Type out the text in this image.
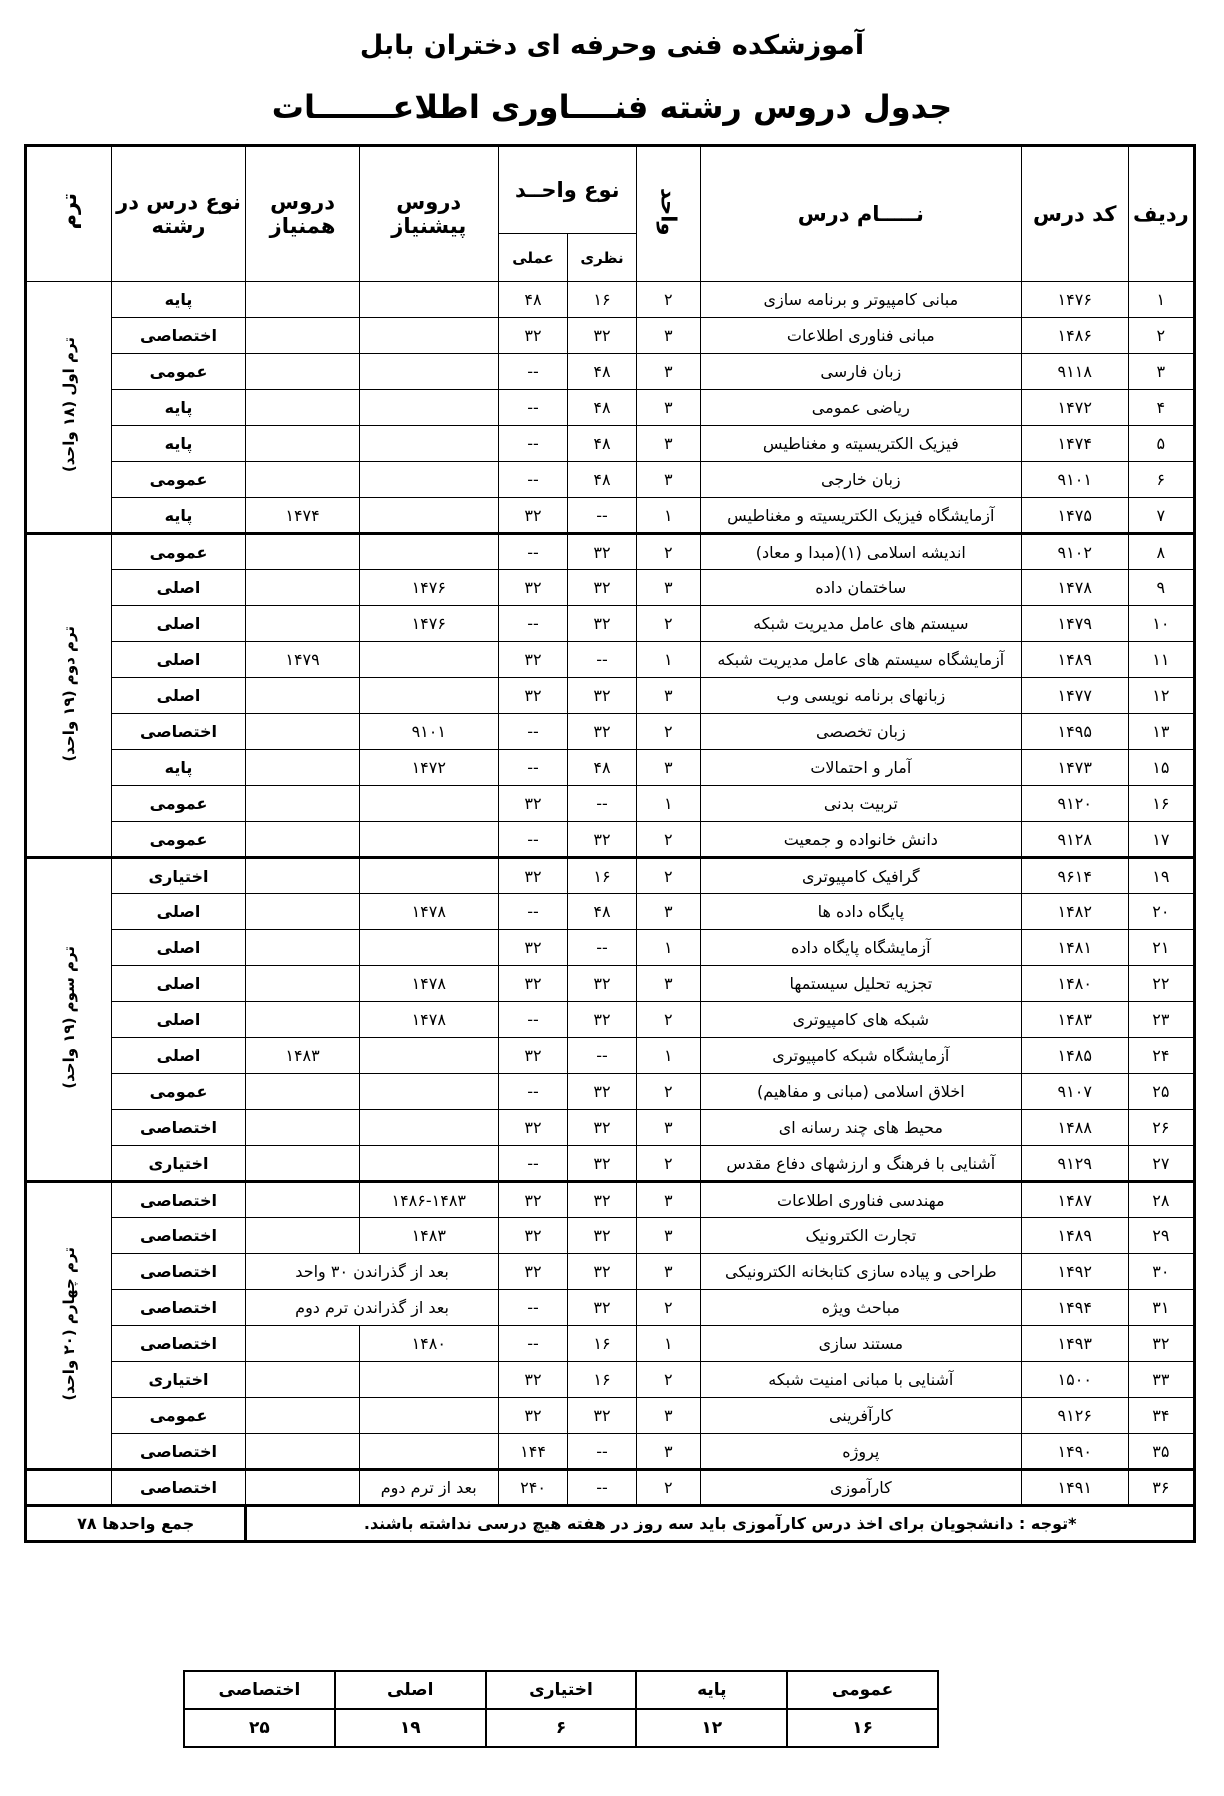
آموزشکده فنی وحرفه ای دختران بابل
جدول دروس رشته فنــــاوری اطلاعـــــــات
ردیف	کد درس	نـــــام درس	واحد	نوع واحــد		دروس پیشنیاز	دروس همنیاز	نوع درس در رشته	ترم
				نظری	عملی				
۱	۱۴۷۶	مبانی کامپیوتر و برنامه سازی	۲	۱۶	۴۸			پایه	ترم اول (۱۸ واحد)
۲	۱۴۸۶	مبانی فناوری اطلاعات	۳	۳۲	۳۲			اختصاصی	
۳	۹۱۱۸	زبان فارسی	۳	۴۸	--			عمومی	
۴	۱۴۷۲	ریاضی عمومی	۳	۴۸	--			پایه	
۵	۱۴۷۴	فیزیک الکتریسیته و مغناطیس	۳	۴۸	--			پایه	
۶	۹۱۰۱	زبان خارجی	۳	۴۸	--			عمومی	
۷	۱۴۷۵	آزمایشگاه فیزیک الکتریسیته و مغناطیس	۱	--	۳۲		۱۴۷۴	پایه	
۸	۹۱۰۲	اندیشه اسلامی (۱)(مبدا و معاد)	۲	۳۲	--			عمومی	ترم دوم (۱۹ واحد)
۹	۱۴۷۸	ساختمان داده	۳	۳۲	۳۲	۱۴۷۶		اصلی	
۱۰	۱۴۷۹	سیستم های عامل مدیریت شبکه	۲	۳۲	--	۱۴۷۶		اصلی	
۱۱	۱۴۸۹	آزمایشگاه سیستم های عامل مدیریت شبکه	۱	--	۳۲		۱۴۷۹	اصلی	
۱۲	۱۴۷۷	زبانهای برنامه نویسی وب	۳	۳۲	۳۲			اصلی	
۱۳	۱۴۹۵	زبان تخصصی	۲	۳۲	--	۹۱۰۱		اختصاصی	
۱۵	۱۴۷۳	آمار و احتمالات	۳	۴۸	--	۱۴۷۲		پایه	
۱۶	۹۱۲۰	تربیت بدنی	۱	--	۳۲			عمومی	
۱۷	۹۱۲۸	دانش خانواده و جمعیت	۲	۳۲	--			عمومی	
۱۹	۹۶۱۴	گرافیک کامپیوتری	۲	۱۶	۳۲			اختیاری	ترم سوم (۱۹ واحد)
۲۰	۱۴۸۲	پایگاه داده ها	۳	۴۸	--	۱۴۷۸		اصلی	
۲۱	۱۴۸۱	آزمایشگاه پایگاه داده	۱	--	۳۲			اصلی	
۲۲	۱۴۸۰	تجزیه تحلیل سیستمها	۳	۳۲	۳۲	۱۴۷۸		اصلی	
۲۳	۱۴۸۳	شبکه های کامپیوتری	۲	۳۲	--	۱۴۷۸		اصلی	
۲۴	۱۴۸۵	آزمایشگاه شبکه کامپیوتری	۱	--	۳۲		۱۴۸۳	اصلی	
۲۵	۹۱۰۷	اخلاق اسلامی (مبانی و مفاهیم)	۲	۳۲	--			عمومی	
۲۶	۱۴۸۸	محیط های چند رسانه ای	۳	۳۲	۳۲			اختصاصی	
۲۷	۹۱۲۹	آشنایی با فرهنگ و ارزشهای دفاع مقدس	۲	۳۲	--			اختیاری	
۲۸	۱۴۸۷	مهندسی فناوری اطلاعات	۳	۳۲	۳۲	۱۴۸۶-۱۴۸۳		اختصاصی	ترم چهارم (۲۰ واحد)
۲۹	۱۴۸۹	تجارت الکترونیک	۳	۳۲	۳۲	۱۴۸۳		اختصاصی	
۳۰	۱۴۹۲	طراحی و پیاده سازی کتابخانه الکترونیکی	۳	۳۲	۳۲	بعد از گذراندن ۳۰ واحد		اختصاصی	
۳۱	۱۴۹۴	مباحث ویژه	۲	۳۲	--	بعد از گذراندن ترم دوم		اختصاصی	
۳۲	۱۴۹۳	مستند سازی	۱	۱۶	--	۱۴۸۰		اختصاصی	
۳۳	۱۵۰۰	آشنایی با مبانی امنیت شبکه	۲	۱۶	۳۲			اختیاری	
۳۴	۹۱۲۶	کارآفرینی	۳	۳۲	۳۲			عمومی	
۳۵	۱۴۹۰	پروژه	۳	--	۱۴۴			اختصاصی	
۳۶	۱۴۹۱	کارآموزی	۲	--	۲۴۰	بعد از ترم دوم		اختصاصی	
*توجه : دانشجویان برای اخذ درس کارآموزی باید سه روز در هفته هیچ درسی نداشته باشند.								جمع واحدها ۷۸	
عمومی	پایه	اختیاری	اصلی	اختصاصی
۱۶	۱۲	۶	۱۹	۲۵
